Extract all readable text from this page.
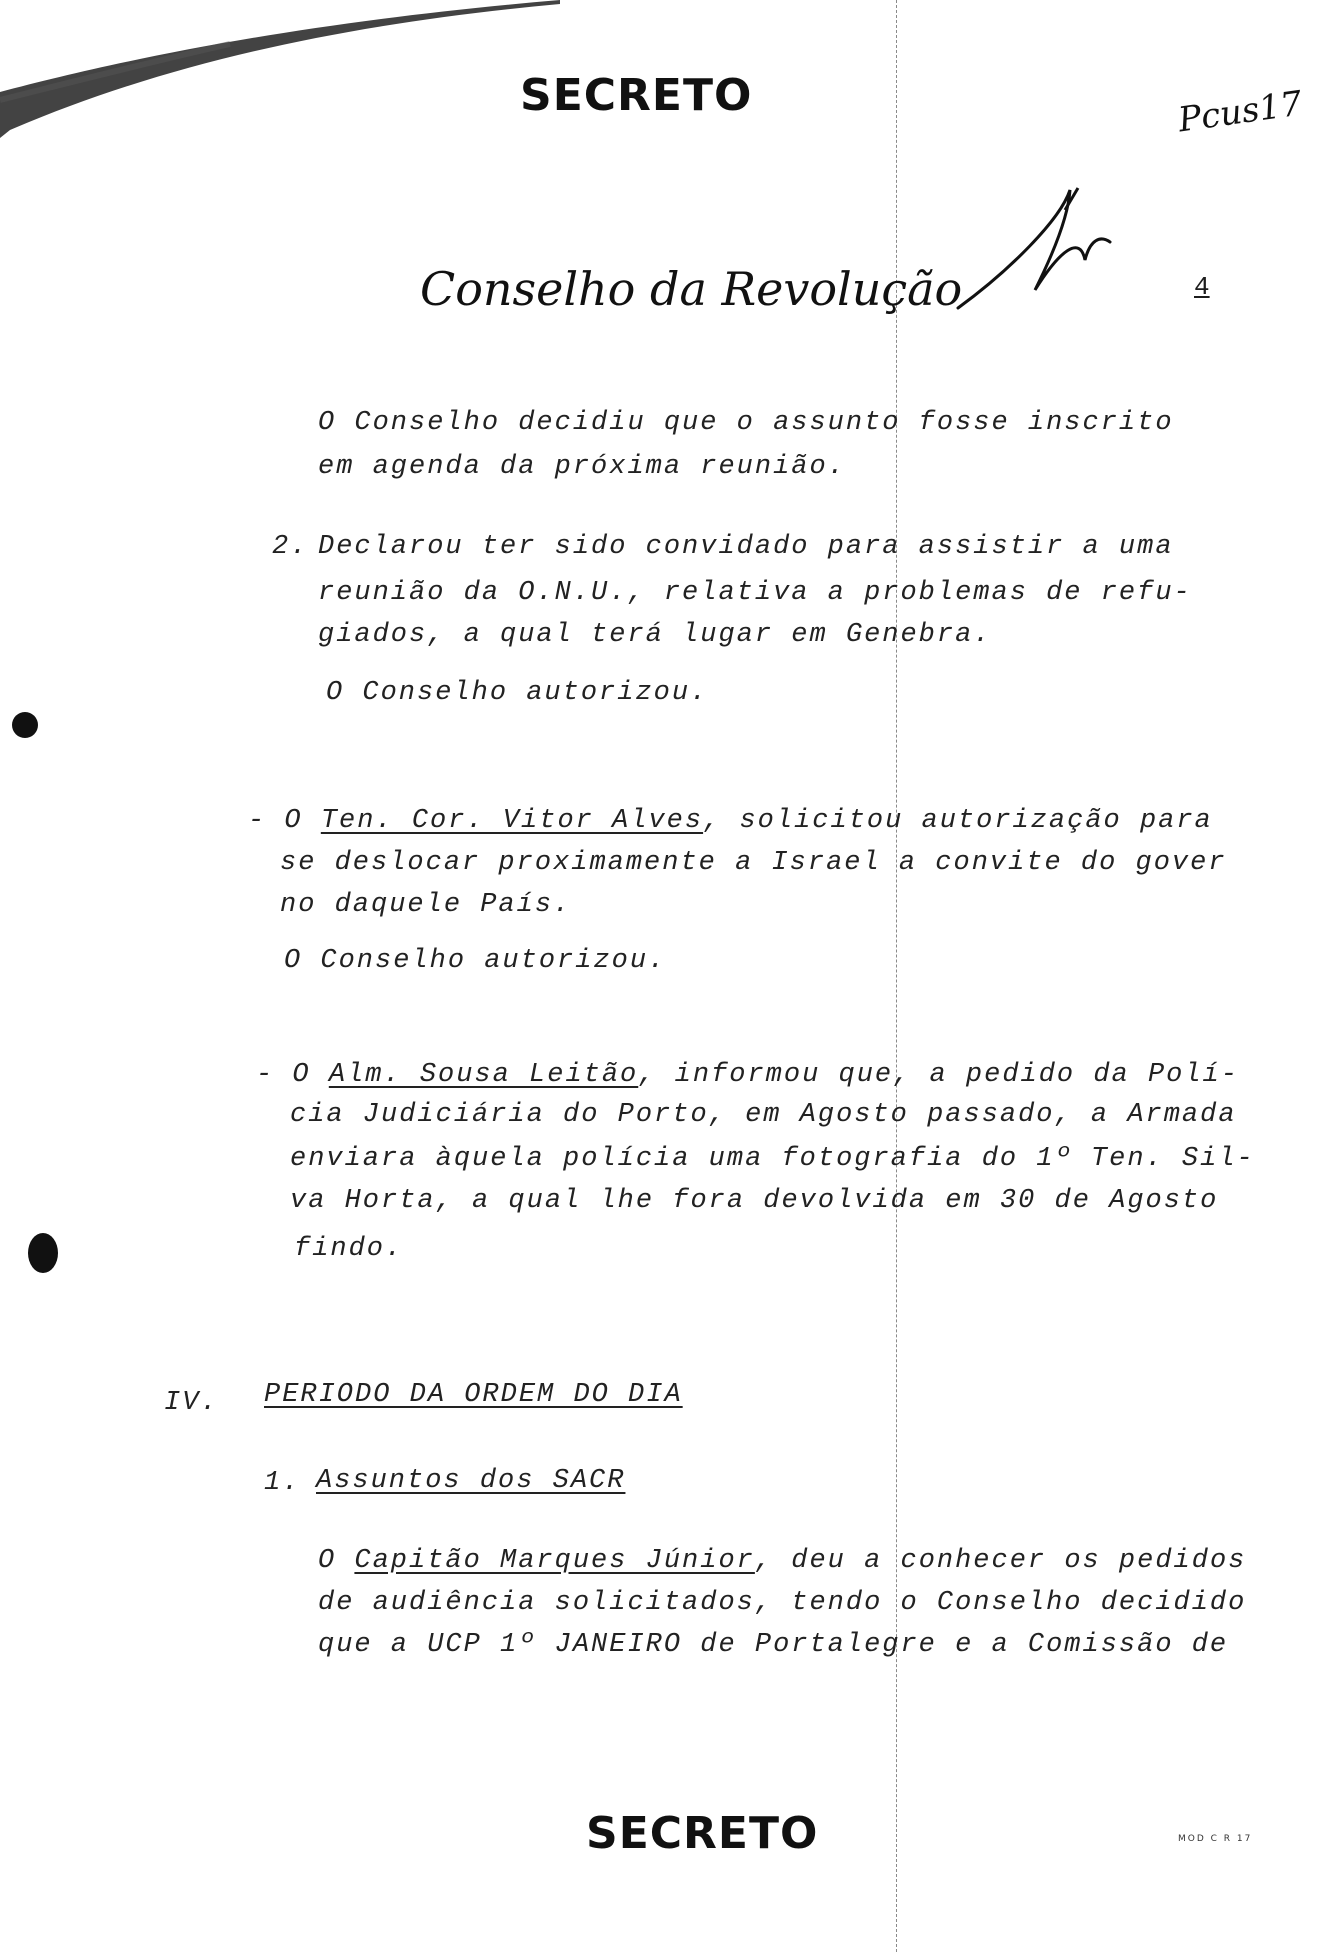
SECRETO	Pcus17
Conselho da Revolução	4
O Conselho decidiu que o assunto fosse inscrito
em agenda da próxima reunião.
2. Declarou ter sido convidado para assistir a uma
reunião da O.N.U., relativa a problemas de refu-
giados, a qual terá lugar em Genebra.
O Conselho autorizou.
- O Ten. Cor. Vitor Alves, solicitou autorização para
se deslocar proximamente a Israel a convite do gover
no daquele País.
O Conselho autorizou.
- O Alm. Sousa Leitão, informou que, a pedido da Polí-
cia Judiciária do Porto, em Agosto passado, a Armada
enviara àquela polícia uma fotografia do 1º Ten. Sil-
va Horta, a qual lhe fora devolvida em 30 de Agosto
findo.
IV. PERIODO DA ORDEM DO DIA
1. Assuntos dos SACR
O Capitão Marques Júnior, deu a conhecer os pedidos
de audiência solicitados, tendo o Conselho decidido
que a UCP 1º JANEIRO de Portalegre e a Comissão de
SECRETO	MOD C R 17
